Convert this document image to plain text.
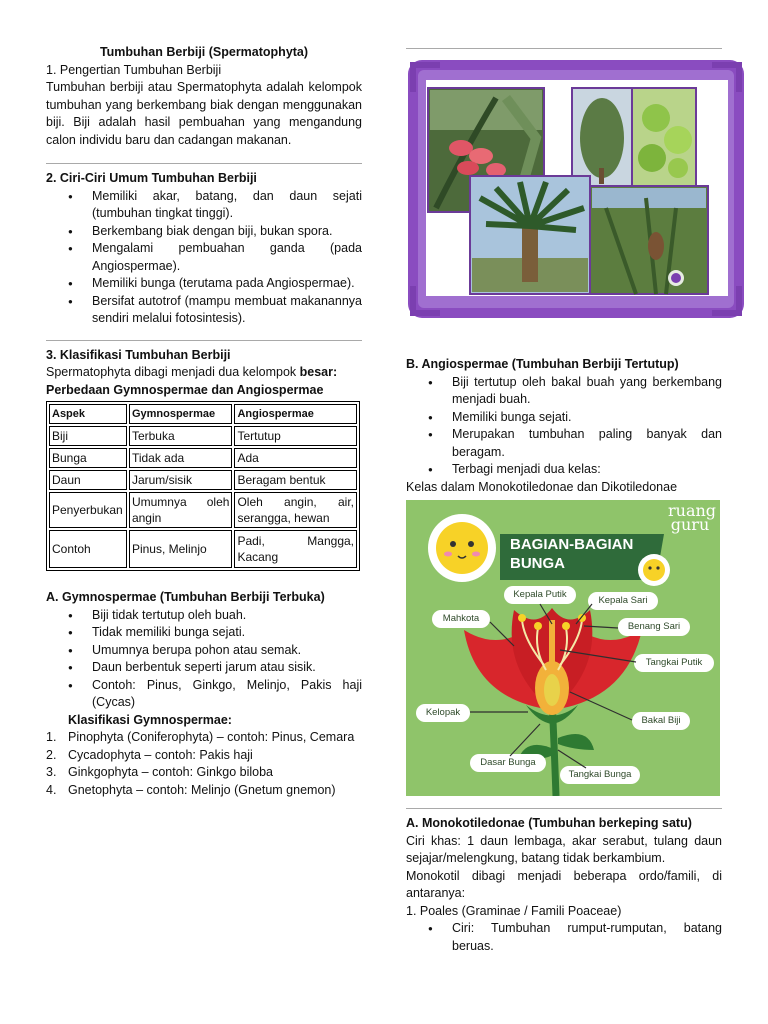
Tumbuhan Berbiji (Spermatophyta)
1. Pengertian Tumbuhan Berbiji
Tumbuhan berbiji atau Spermatophyta adalah kelompok tumbuhan yang berkembang biak dengan menggunakan biji. Biji adalah hasil pembuahan yang mengandung calon individu baru dan cadangan makanan.
2. Ciri-Ciri Umum Tumbuhan Berbiji
● Memiliki akar, batang, dan daun sejati (tumbuhan tingkat tinggi).
● Berkembang biak dengan biji, bukan spora.
● Mengalami pembuahan ganda (pada Angiospermae).
● Memiliki bunga (terutama pada Angiospermae).
● Bersifat autotrof (mampu membuat makanannya sendiri melalui fotosintesis).
3. Klasifikasi Tumbuhan Berbiji
Spermatophyta dibagi menjadi dua kelompok besar:
Perbedaan Gymnospermae dan Angiospermae
Aspek	Gymnospermae	Angiospermae
Biji	Terbuka	Tertutup
Bunga	Tidak ada	Ada
Daun	Jarum/sisik	Beragam bentuk
Penyerbukan	Umumnya oleh angin	Oleh angin, air, serangga, hewan
Contoh	Pinus, Melinjo	Padi, Mangga, Kacang
A. Gymnospermae (Tumbuhan Berbiji Terbuka)
● Biji tidak tertutup oleh buah.
● Tidak memiliki bunga sejati.
● Umumnya berupa pohon atau semak.
● Daun berbentuk seperti jarum atau sisik.
● Contoh: Pinus, Ginkgo, Melinjo, Pakis haji (Cycas)
Klasifikasi Gymnospermae:
1. Pinophyta (Coniferophyta) – contoh: Pinus, Cemara
2. Cycadophyta – contoh: Pakis haji
3. Ginkgophyta – contoh: Ginkgo biloba
4. Gnetophyta – contoh: Melinjo (Gnetum gnemon)
B. Angiospermae (Tumbuhan Berbiji Tertutup)
● Biji tertutup oleh bakal buah yang berkembang menjadi buah.
● Memiliki bunga sejati.
● Merupakan tumbuhan paling banyak dan beragam.
● Terbagi menjadi dua kelas:
Kelas dalam Monokotiledonae dan Dikotiledonae
ruang guru
BAGIAN-BAGIAN
BUNGA
Kepala Putik
Kepala Sari
Mahkota
Benang Sari
Tangkai Putik
Kelopak
Bakal Biji
Dasar Bunga
Tangkai Bunga
A. Monokotiledonae (Tumbuhan berkeping satu)
Ciri khas: 1 daun lembaga, akar serabut, tulang daun sejajar/melengkung, batang tidak berkambium.
Monokotil dibagi menjadi beberapa ordo/famili, di antaranya:
1. Poales (Graminae / Famili Poaceae)
● Ciri: Tumbuhan rumput-rumputan, batang beruas.
